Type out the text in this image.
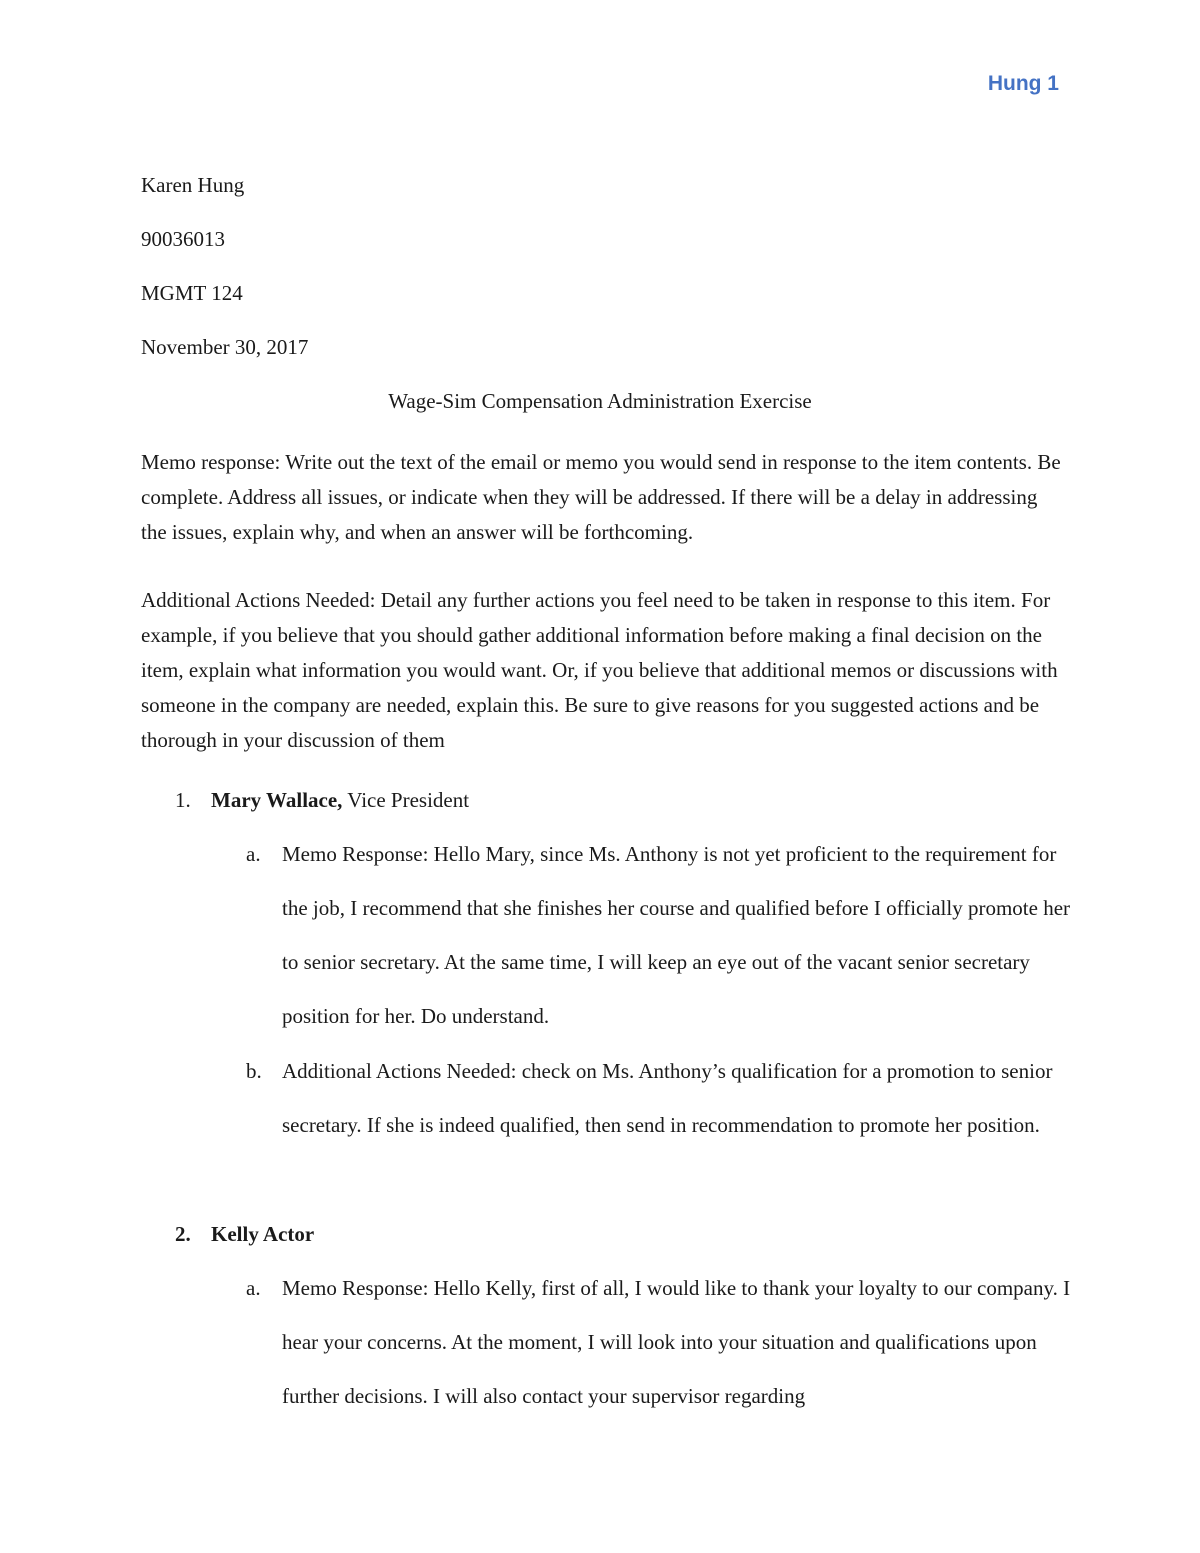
Hung 1
Karen Hung
90036013
MGMT 124
November 30, 2017
Wage-Sim Compensation Administration Exercise
Memo response: Write out the text of the email or memo you would send in response to the item contents. Be complete. Address all issues, or indicate when they will be addressed. If there will be a delay in addressing the issues, explain why, and when an answer will be forthcoming.
Additional Actions Needed: Detail any further actions you feel need to be taken in response to this item. For example, if you believe that you should gather additional information before making a final decision on the item, explain what information you would want. Or, if you believe that additional memos or discussions with someone in the company are needed, explain this. Be sure to give reasons for you suggested actions and be thorough in your discussion of them
1. Mary Wallace, Vice President
a. Memo Response: Hello Mary, since Ms. Anthony is not yet proficient to the requirement for the job, I recommend that she finishes her course and qualified before I officially promote her to senior secretary. At the same time, I will keep an eye out of the vacant senior secretary position for her. Do understand.
b. Additional Actions Needed: check on Ms. Anthony’s qualification for a promotion to senior secretary. If she is indeed qualified, then send in recommendation to promote her position.
2. Kelly Actor
a. Memo Response: Hello Kelly, first of all, I would like to thank your loyalty to our company. I hear your concerns. At the moment, I will look into your situation and qualifications upon further decisions. I will also contact your supervisor regarding
